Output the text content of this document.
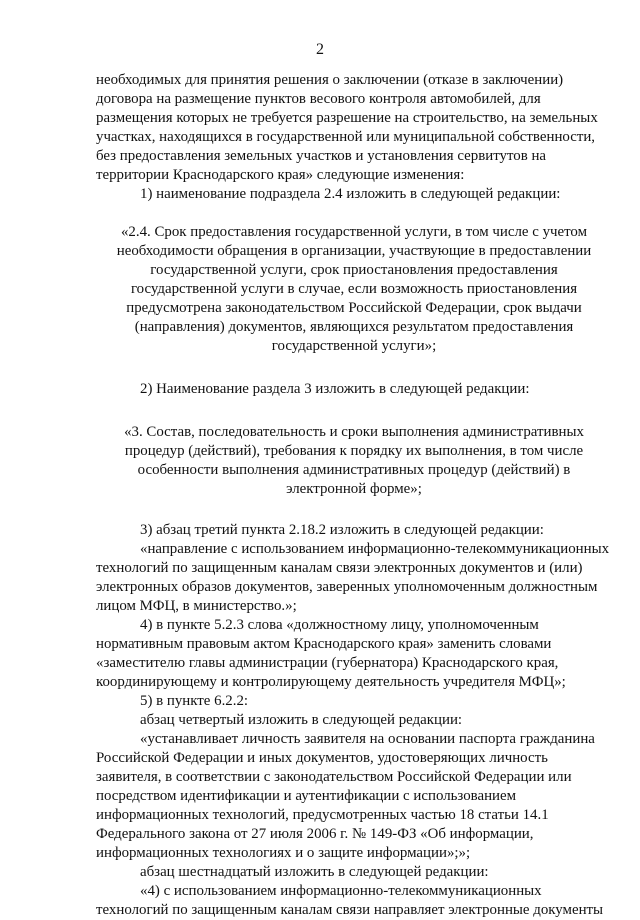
2
необходимых для принятия решения о заключении (отказе в заключении)
договора на размещение пунктов весового контроля автомобилей, для
размещения которых не требуется разрешение на строительство, на земельных
участках, находящихся в государственной или муниципальной собственности,
без предоставления земельных участков и установления сервитутов на
территории Краснодарского края» следующие изменения:
1) наименование подраздела 2.4 изложить в следующей редакции:
«2.4. Срок предоставления государственной услуги, в том числе с учетом
необходимости обращения в организации, участвующие в предоставлении
государственной услуги, срок приостановления предоставления
государственной услуги в случае, если возможность приостановления
предусмотрена законодательством Российской Федерации, срок выдачи
(направления) документов, являющихся результатом предоставления
государственной услуги»;
2) Наименование раздела 3 изложить в следующей редакции:
«3. Состав, последовательность и сроки выполнения административных
процедур (действий), требования к порядку их выполнения, в том числе
особенности выполнения административных процедур (действий) в
электронной форме»;
3) абзац третий пункта 2.18.2 изложить в следующей редакции:
«направление с использованием информационно-телекоммуникационных
технологий по защищенным каналам связи электронных документов и (или)
электронных образов документов, заверенных уполномоченным должностным
лицом МФЦ, в министерство.»;
4) в пункте 5.2.3 слова «должностному лицу, уполномоченным
нормативным правовым актом Краснодарского края» заменить словами
«заместителю главы администрации (губернатора) Краснодарского края,
координирующему и контролирующему деятельность учредителя МФЦ»;
5) в пункте 6.2.2:
абзац четвертый изложить в следующей редакции:
«устанавливает личность заявителя на основании паспорта гражданина
Российской Федерации и иных документов, удостоверяющих личность
заявителя, в соответствии с законодательством Российской Федерации или
посредством идентификации и аутентификации с использованием
информационных технологий, предусмотренных частью 18 статьи 14.1
Федерального закона от 27 июля 2006 г. № 149-ФЗ «Об информации,
информационных технологиях и о защите информации»;»;
абзац шестнадцатый изложить в следующей редакции:
«4) с использованием информационно-телекоммуникационных
технологий по защищенным каналам связи направляет электронные документы
